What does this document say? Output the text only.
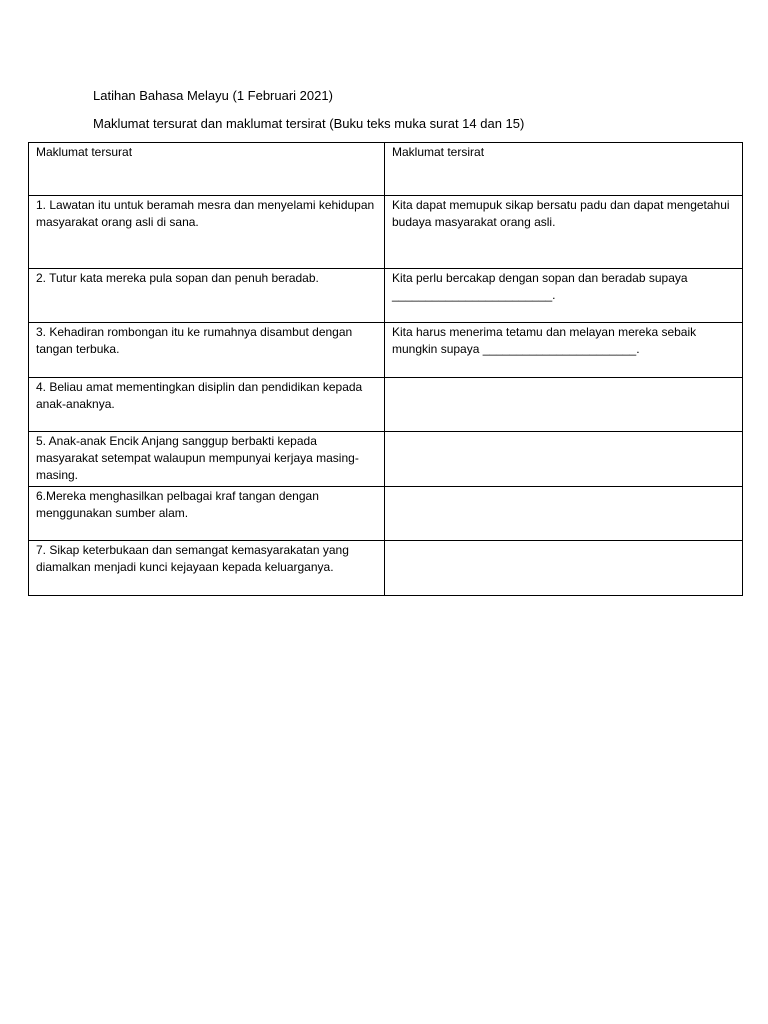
Latihan Bahasa Melayu (1 Februari 2021)
Maklumat tersurat dan maklumat tersirat (Buku teks muka surat 14 dan 15)
Maklumat tersurat	Maklumat tersirat
1. Lawatan itu untuk beramah mesra dan menyelami kehidupan masyarakat orang asli di sana.	Kita dapat memupuk sikap bersatu padu dan dapat mengetahui budaya masyarakat orang asli.
2. Tutur kata mereka pula sopan dan penuh beradab.	Kita perlu bercakap dengan sopan dan beradab supaya ________________________.
3. Kehadiran rombongan itu ke rumahnya disambut dengan tangan terbuka.	Kita harus menerima tetamu dan melayan mereka sebaik mungkin supaya _______________________.
4. Beliau amat mementingkan disiplin dan pendidikan kepada anak-anaknya.	
5. Anak-anak Encik Anjang sanggup berbakti kepada masyarakat setempat walaupun mempunyai kerjaya masing-masing.	
6.Mereka menghasilkan pelbagai kraf tangan dengan menggunakan sumber alam.	
7. Sikap keterbukaan dan semangat kemasyarakatan yang diamalkan menjadi kunci kejayaan kepada keluarganya.	
